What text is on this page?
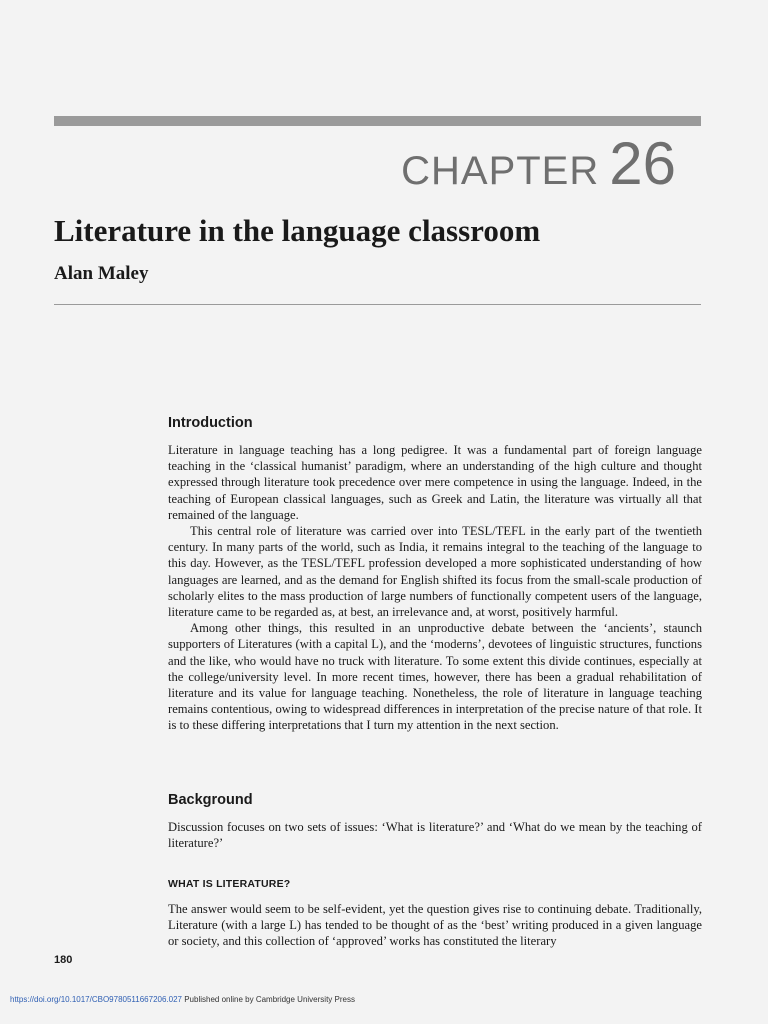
CHAPTER 26
Literature in the language classroom
Alan Maley
Introduction

Literature in language teaching has a long pedigree. It was a fundamental part of foreign language teaching in the ‘classical humanist’ paradigm, where an understanding of the high culture and thought expressed through literature took precedence over mere competence in using the language. Indeed, in the teaching of European classical languages, such as Greek and Latin, the literature was virtually all that remained of the language.

This central role of literature was carried over into TESL/TEFL in the early part of the twentieth century. In many parts of the world, such as India, it remains integral to the teaching of the language to this day. However, as the TESL/TEFL profession developed a more sophisticated understanding of how languages are learned, and as the demand for English shifted its focus from the small-scale production of scholarly elites to the mass production of large numbers of functionally competent users of the language, literature came to be regarded as, at best, an irrelevance and, at worst, positively harmful.

Among other things, this resulted in an unproductive debate between the ‘ancients’, staunch supporters of Literatures (with a capital L), and the ‘moderns’, devotees of linguistic structures, functions and the like, who would have no truck with literature. To some extent this divide continues, especially at the college/university level. In more recent times, however, there has been a gradual rehabilitation of literature and its value for language teaching. Nonetheless, the role of literature in language teaching remains contentious, owing to widespread differences in interpretation of the precise nature of that role. It is to these differing interpretations that I turn my attention in the next section.

Background

Discussion focuses on two sets of issues: ‘What is literature?’ and ‘What do we mean by the teaching of literature?’

WHAT IS LITERATURE?

The answer would seem to be self-evident, yet the question gives rise to continuing debate. Traditionally, Literature (with a large L) has tended to be thought of as the ‘best’ writing produced in a given language or society, and this collection of ‘approved’ works has constituted the literary

180
https://doi.org/10.1017/CBO9780511667206.027 Published online by Cambridge University Press
